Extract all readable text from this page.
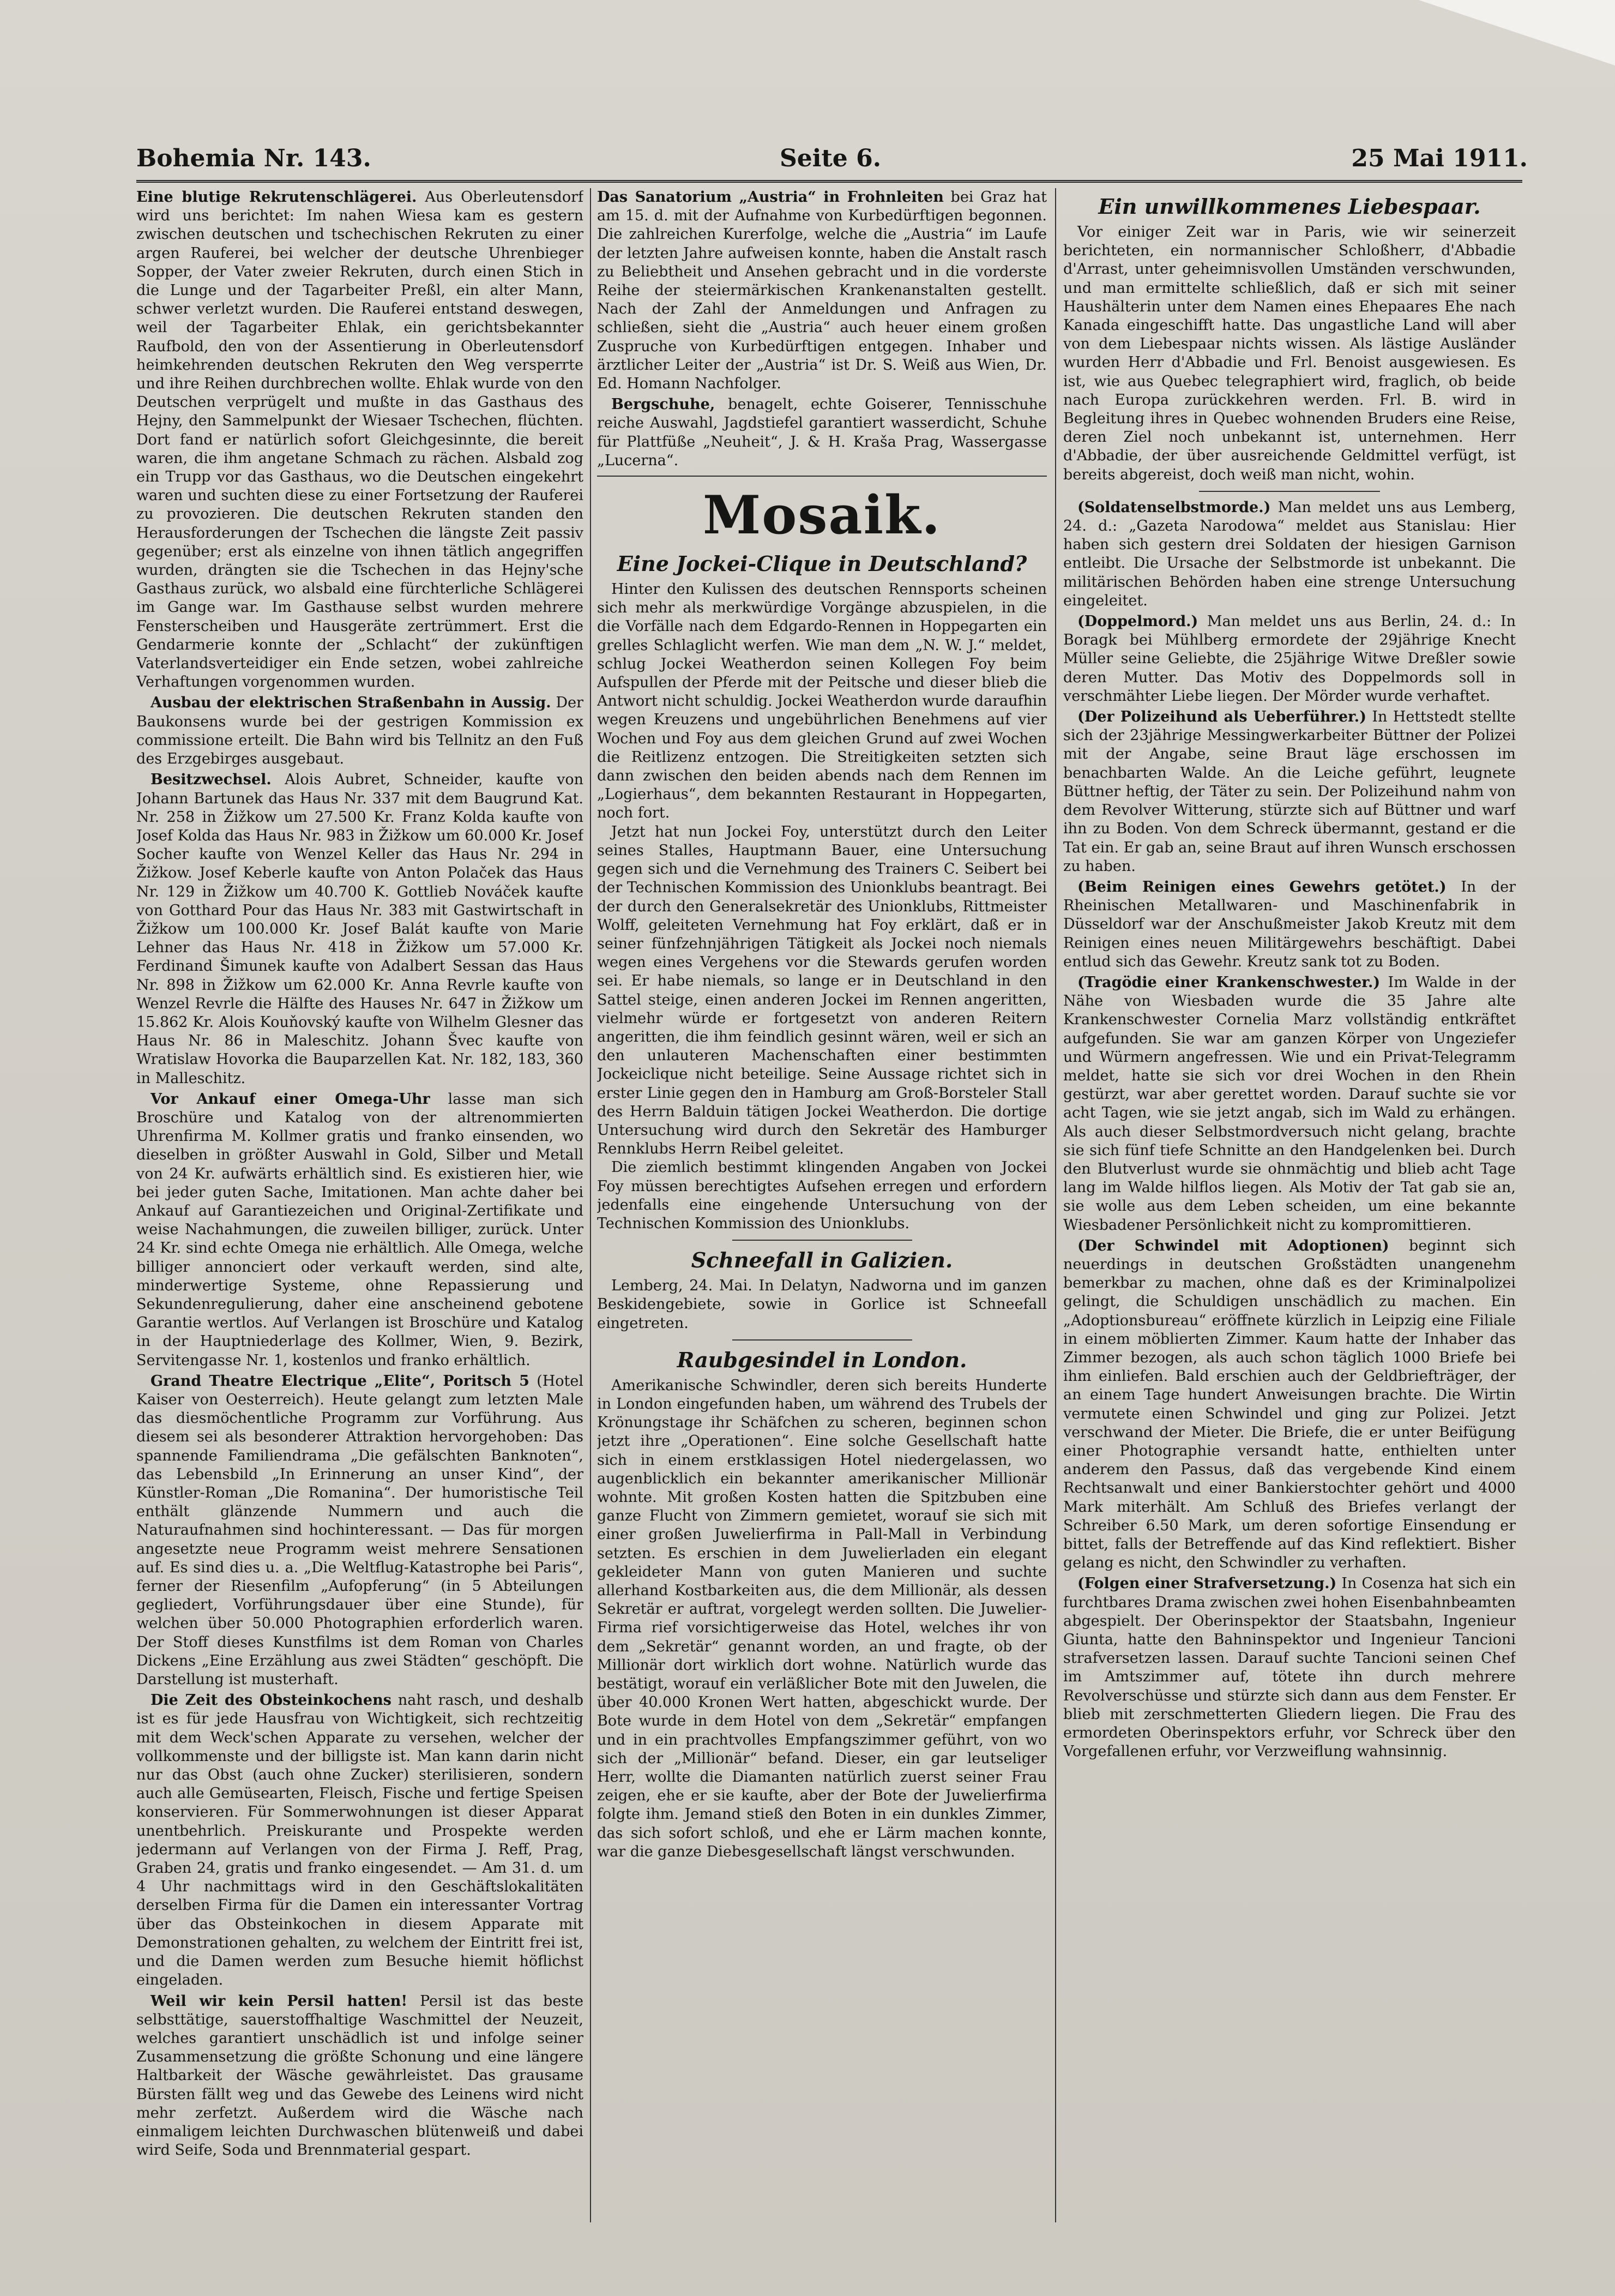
Bohemia Nr. 143.	Seite 6.	25 Mai 1911.

Eine blutige Rekrutenschlägerei. Aus Oberleutensdorf wird uns berichtet: Im nahen Wiesa kam es gestern zwischen deutschen und tschechischen Rekruten zu einer argen Rauferei, bei welcher der deutsche Uhrenbieger Sopper, der Vater zweier Rekruten, durch einen Stich in die Lunge und der Tagarbeiter Preßl, ein alter Mann, schwer verletzt wurden. Die Rauferei entstand deswegen, weil der Tagarbeiter Ehlak, ein gerichtsbekannter Raufbold, den von der Assentierung in Oberleutensdorf heimkehrenden deutschen Rekruten den Weg versperrte und ihre Reihen durchbrechen wollte. Ehlak wurde von den Deutschen verprügelt und mußte in das Gasthaus des Hejny, den Sammelpunkt der Wiesaer Tschechen, flüchten. Dort fand er natürlich sofort Gleichgesinnte, die bereit waren, die ihm angetane Schmach zu rächen. Alsbald zog ein Trupp vor das Gasthaus, wo die Deutschen eingekehrt waren und suchten diese zu einer Fortsetzung der Rauferei zu provozieren. Die deutschen Rekruten standen den Herausforderungen der Tschechen die längste Zeit passiv gegenüber; erst als einzelne von ihnen tätlich angegriffen wurden, drängten sie die Tschechen in das Hejny'sche Gasthaus zurück, wo alsbald eine fürchterliche Schlägerei im Gange war. Im Gasthause selbst wurden mehrere Fensterscheiben und Hausgeräte zertrümmert. Erst die Gendarmerie konnte der „Schlacht“ der zukünftigen Vaterlandsverteidiger ein Ende setzen, wobei zahlreiche Verhaftungen vorgenommen wurden.

Ausbau der elektrischen Straßenbahn in Aussig. Der Baukonsens wurde bei der gestrigen Kommission ex commissione erteilt. Die Bahn wird bis Tellnitz an den Fuß des Erzgebirges ausgebaut.

Besitzwechsel. Alois Aubret, Schneider, kaufte von Johann Bartunek das Haus Nr. 337 mit dem Baugrund Kat. Nr. 258 in Žižkow um 27.500 Kr. Franz Kolda kaufte von Josef Kolda das Haus Nr. 983 in Žižkow um 60.000 Kr. Josef Socher kaufte von Wenzel Keller das Haus Nr. 294 in Žižkow. Josef Keberle kaufte von Anton Polaček das Haus Nr. 129 in Žižkow um 40.700 K. Gottlieb Nováček kaufte von Gotthard Pour das Haus Nr. 383 mit Gastwirtschaft in Žižkow um 100.000 Kr. Josef Balát kaufte von Marie Lehner das Haus Nr. 418 in Žižkow um 57.000 Kr. Ferdinand Šimunek kaufte von Adalbert Sessan das Haus Nr. 898 in Žižkow um 62.000 Kr. Anna Revrle kaufte von Wenzel Revrle die Hälfte des Hauses Nr. 647 in Žižkow um 15.862 Kr. Alois Kouňovský kaufte von Wilhelm Glesner das Haus Nr. 86 in Maleschitz. Johann Švec kaufte von Wratislaw Hovorka die Bauparzellen Kat. Nr. 182, 183, 360 in Malleschitz.

Vor Ankauf einer Omega-Uhr lasse man sich Broschüre und Katalog von der altrenommierten Uhrenfirma M. Kollmer gratis und franko einsenden, wo dieselben in größter Auswahl in Gold, Silber und Metall von 24 Kr. aufwärts erhältlich sind. Es existieren hier, wie bei jeder guten Sache, Imitationen. Man achte daher bei Ankauf auf Garantiezeichen und Original-Zertifikate und weise Nachahmungen, die zuweilen billiger, zurück. Unter 24 Kr. sind echte Omega nie erhältlich. Alle Omega, welche billiger annonciert oder verkauft werden, sind alte, minderwertige Systeme, ohne Repassierung und Sekundenregulierung, daher eine anscheinend gebotene Garantie wertlos. Auf Verlangen ist Broschüre und Katalog in der Hauptniederlage des Kollmer, Wien, 9. Bezirk, Servitengasse Nr. 1, kostenlos und franko erhältlich.

Grand Theatre Electrique „Elite“, Poritsch 5 (Hotel Kaiser von Oesterreich). Heute gelangt zum letzten Male das diesmöchentliche Programm zur Vorführung. Aus diesem sei als besonderer Attraktion hervorgehoben: Das spannende Familiendrama „Die gefälschten Banknoten“, das Lebensbild „In Erinnerung an unser Kind“, der Künstler-Roman „Die Romanina“. Der humoristische Teil enthält glänzende Nummern und auch die Naturaufnahmen sind hochinteressant. — Das für morgen angesetzte neue Programm weist mehrere Sensationen auf. Es sind dies u. a. „Die Weltflug-Katastrophe bei Paris“, ferner der Riesenfilm „Aufopferung“ (in 5 Abteilungen gegliedert, Vorführungsdauer über eine Stunde), für welchen über 50.000 Photographien erforderlich waren. Der Stoff dieses Kunstfilms ist dem Roman von Charles Dickens „Eine Erzählung aus zwei Städten“ geschöpft. Die Darstellung ist musterhaft.

Die Zeit des Obsteinkochens naht rasch, und deshalb ist es für jede Hausfrau von Wichtigkeit, sich rechtzeitig mit dem Weck'schen Apparate zu versehen, welcher der vollkommenste und der billigste ist. Man kann darin nicht nur das Obst (auch ohne Zucker) sterilisieren, sondern auch alle Gemüsearten, Fleisch, Fische und fertige Speisen konservieren. Für Sommerwohnungen ist dieser Apparat unentbehrlich. Preiskurante und Prospekte werden jedermann auf Verlangen von der Firma J. Reff, Prag, Graben 24, gratis und franko eingesendet. — Am 31. d. um 4 Uhr nachmittags wird in den Geschäftslokalitäten derselben Firma für die Damen ein interessanter Vortrag über das Obsteinkochen in diesem Apparate mit Demonstrationen gehalten, zu welchem der Eintritt frei ist, und die Damen werden zum Besuche hiemit höflichst eingeladen.

Weil wir kein Persil hatten! Persil ist das beste selbsttätige, sauerstoffhaltige Waschmittel der Neuzeit, welches garantiert unschädlich ist und infolge seiner Zusammensetzung die größte Schonung und eine längere Haltbarkeit der Wäsche gewährleistet. Das grausame Bürsten fällt weg und das Gewebe des Leinens wird nicht mehr zerfetzt. Außerdem wird die Wäsche nach einmaligem leichten Durchwaschen blütenweiß und dabei wird Seife, Soda und Brennmaterial gespart.

Das Sanatorium „Austria“ in Frohnleiten bei Graz hat am 15. d. mit der Aufnahme von Kurbedürftigen begonnen. Die zahlreichen Kurerfolge, welche die „Austria“ im Laufe der letzten Jahre aufweisen konnte, haben die Anstalt rasch zu Beliebtheit und Ansehen gebracht und in die vorderste Reihe der steiermärkischen Krankenanstalten gestellt. Nach der Zahl der Anmeldungen und Anfragen zu schließen, sieht die „Austria“ auch heuer einem großen Zuspruche von Kurbedürftigen entgegen. Inhaber und ärztlicher Leiter der „Austria“ ist Dr. S. Weiß aus Wien, Dr. Ed. Homann Nachfolger.

Bergschuhe, benagelt, echte Goiserer, Tennisschuhe reiche Auswahl, Jagdstiefel garantiert wasserdicht, Schuhe für Plattfüße „Neuheit“, J. & H. Kraša Prag, Wassergasse „Lucerna“.

Mosaik.
Eine Jockei-Clique in Deutschland?

Hinter den Kulissen des deutschen Rennsports scheinen sich mehr als merkwürdige Vorgänge abzuspielen, in die die Vorfälle nach dem Edgardo-Rennen in Hoppegarten ein grelles Schlaglicht werfen. Wie man dem „N. W. J.“ meldet, schlug Jockei Weatherdon seinen Kollegen Foy beim Aufspullen der Pferde mit der Peitsche und dieser blieb die Antwort nicht schuldig. Jockei Weatherdon wurde daraufhin wegen Kreuzens und ungebührlichen Benehmens auf vier Wochen und Foy aus dem gleichen Grund auf zwei Wochen die Reitlizenz entzogen. Die Streitigkeiten setzten sich dann zwischen den beiden abends nach dem Rennen im „Logierhaus“, dem bekannten Restaurant in Hoppegarten, noch fort.

Jetzt hat nun Jockei Foy, unterstützt durch den Leiter seines Stalles, Hauptmann Bauer, eine Untersuchung gegen sich und die Vernehmung des Trainers C. Seibert bei der Technischen Kommission des Unionklubs beantragt. Bei der durch den Generalsekretär des Unionklubs, Rittmeister Wolff, geleiteten Vernehmung hat Foy erklärt, daß er in seiner fünfzehnjährigen Tätigkeit als Jockei noch niemals wegen eines Vergehens vor die Stewards gerufen worden sei. Er habe niemals, so lange er in Deutschland in den Sattel steige, einen anderen Jockei im Rennen angeritten, vielmehr würde er fortgesetzt von anderen Reitern angeritten, die ihm feindlich gesinnt wären, weil er sich an den unlauteren Machenschaften einer bestimmten Jockeiclique nicht beteilige. Seine Aussage richtet sich in erster Linie gegen den in Hamburg am Groß-Borsteler Stall des Herrn Balduin tätigen Jockei Weatherdon. Die dortige Untersuchung wird durch den Sekretär des Hamburger Rennklubs Herrn Reibel geleitet.

Die ziemlich bestimmt klingenden Angaben von Jockei Foy müssen berechtigtes Aufsehen erregen und erfordern jedenfalls eine eingehende Untersuchung von der Technischen Kommission des Unionklubs.

Schneefall in Galizien.

Lemberg, 24. Mai. In Delatyn, Nadworna und im ganzen Beskidengebiete, sowie in Gorlice ist Schneefall eingetreten.

Raubgesindel in London.

Amerikanische Schwindler, deren sich bereits Hunderte in London eingefunden haben, um während des Trubels der Krönungstage ihr Schäfchen zu scheren, beginnen schon jetzt ihre „Operationen“. Eine solche Gesellschaft hatte sich in einem erstklassigen Hotel niedergelassen, wo augenblicklich ein bekannter amerikanischer Millionär wohnte. Mit großen Kosten hatten die Spitzbuben eine ganze Flucht von Zimmern gemietet, worauf sie sich mit einer großen Juwelierfirma in Pall-Mall in Verbindung setzten. Es erschien in dem Juwelierladen ein elegant gekleideter Mann von guten Manieren und suchte allerhand Kostbarkeiten aus, die dem Millionär, als dessen Sekretär er auftrat, vorgelegt werden sollten. Die Juwelier-Firma rief vorsichtigerweise das Hotel, welches ihr von dem „Sekretär“ genannt worden, an und fragte, ob der Millionär dort wirklich dort wohne. Natürlich wurde das bestätigt, worauf ein verläßlicher Bote mit den Juwelen, die über 40.000 Kronen Wert hatten, abgeschickt wurde. Der Bote wurde in dem Hotel von dem „Sekretär“ empfangen und in ein prachtvolles Empfangszimmer geführt, von wo sich der „Millionär“ befand. Dieser, ein gar leutseliger Herr, wollte die Diamanten natürlich zuerst seiner Frau zeigen, ehe er sie kaufte, aber der Bote der Juwelierfirma folgte ihm. Jemand stieß den Boten in ein dunkles Zimmer, das sich sofort schloß, und ehe er Lärm machen konnte, war die ganze Diebesgesellschaft längst verschwunden.

Ein unwillkommenes Liebespaar.

Vor einiger Zeit war in Paris, wie wir seinerzeit berichteten, ein normannischer Schloßherr, d'Abbadie d'Arrast, unter geheimnisvollen Umständen verschwunden, und man ermittelte schließlich, daß er sich mit seiner Haushälterin unter dem Namen eines Ehepaares Ehe nach Kanada eingeschifft hatte. Das ungastliche Land will aber von dem Liebespaar nichts wissen. Als lästige Ausländer wurden Herr d'Abbadie und Frl. Benoist ausgewiesen. Es ist, wie aus Quebec telegraphiert wird, fraglich, ob beide nach Europa zurückkehren werden. Frl. B. wird in Begleitung ihres in Quebec wohnenden Bruders eine Reise, deren Ziel noch unbekannt ist, unternehmen. Herr d'Abbadie, der über ausreichende Geldmittel verfügt, ist bereits abgereist, doch weiß man nicht, wohin.

(Soldatenselbstmorde.) Man meldet uns aus Lemberg, 24. d.: „Gazeta Narodowa“ meldet aus Stanislau: Hier haben sich gestern drei Soldaten der hiesigen Garnison entleibt. Die Ursache der Selbstmorde ist unbekannt. Die militärischen Behörden haben eine strenge Untersuchung eingeleitet.

(Doppelmord.) Man meldet uns aus Berlin, 24. d.: In Boragk bei Mühlberg ermordete der 29jährige Knecht Müller seine Geliebte, die 25jährige Witwe Dreßler sowie deren Mutter. Das Motiv des Doppelmords soll in verschmähter Liebe liegen. Der Mörder wurde verhaftet.

(Der Polizeihund als Ueberführer.) In Hettstedt stellte sich der 23jährige Messingwerkarbeiter Büttner der Polizei mit der Angabe, seine Braut läge erschossen im benachbarten Walde. An die Leiche geführt, leugnete Büttner heftig, der Täter zu sein. Der Polizeihund nahm von dem Revolver Witterung, stürzte sich auf Büttner und warf ihn zu Boden. Von dem Schreck übermannt, gestand er die Tat ein. Er gab an, seine Braut auf ihren Wunsch erschossen zu haben.

(Beim Reinigen eines Gewehrs getötet.) In der Rheinischen Metallwaren- und Maschinenfabrik in Düsseldorf war der Anschußmeister Jakob Kreutz mit dem Reinigen eines neuen Militärgewehrs beschäftigt. Dabei entlud sich das Gewehr. Kreutz sank tot zu Boden.

(Tragödie einer Krankenschwester.) Im Walde in der Nähe von Wiesbaden wurde die 35 Jahre alte Krankenschwester Cornelia Marz vollständig entkräftet aufgefunden. Sie war am ganzen Körper von Ungeziefer und Würmern angefressen. Wie und ein Privat-Telegramm meldet, hatte sie sich vor drei Wochen in den Rhein gestürzt, war aber gerettet worden. Darauf suchte sie vor acht Tagen, wie sie jetzt angab, sich im Wald zu erhängen. Als auch dieser Selbstmordversuch nicht gelang, brachte sie sich fünf tiefe Schnitte an den Handgelenken bei. Durch den Blutverlust wurde sie ohnmächtig und blieb acht Tage lang im Walde hilflos liegen. Als Motiv der Tat gab sie an, sie wolle aus dem Leben scheiden, um eine bekannte Wiesbadener Persönlichkeit nicht zu kompromittieren.

(Der Schwindel mit Adoptionen) beginnt sich neuerdings in deutschen Großstädten unangenehm bemerkbar zu machen, ohne daß es der Kriminalpolizei gelingt, die Schuldigen unschädlich zu machen. Ein „Adoptionsbureau“ eröffnete kürzlich in Leipzig eine Filiale in einem möblierten Zimmer. Kaum hatte der Inhaber das Zimmer bezogen, als auch schon täglich 1000 Briefe bei ihm einliefen. Bald erschien auch der Geldbriefträger, der an einem Tage hundert Anweisungen brachte. Die Wirtin vermutete einen Schwindel und ging zur Polizei. Jetzt verschwand der Mieter. Die Briefe, die er unter Beifügung einer Photographie versandt hatte, enthielten unter anderem den Passus, daß das vergebende Kind einem Rechtsanwalt und einer Bankierstochter gehört und 4000 Mark miterhält. Am Schluß des Briefes verlangt der Schreiber 6.50 Mark, um deren sofortige Einsendung er bittet, falls der Betreffende auf das Kind reflektiert. Bisher gelang es nicht, den Schwindler zu verhaften.

(Folgen einer Strafversetzung.) In Cosenza hat sich ein furchtbares Drama zwischen zwei hohen Eisenbahnbeamten abgespielt. Der Oberinspektor der Staatsbahn, Ingenieur Giunta, hatte den Bahninspektor und Ingenieur Tancioni strafversetzen lassen. Darauf suchte Tancioni seinen Chef im Amtszimmer auf, tötete ihn durch mehrere Revolverschüsse und stürzte sich dann aus dem Fenster. Er blieb mit zerschmetterten Gliedern liegen. Die Frau des ermordeten Oberinspektors erfuhr, vor Schreck über den Vorgefallenen erfuhr, vor Verzweiflung wahnsinnig.
